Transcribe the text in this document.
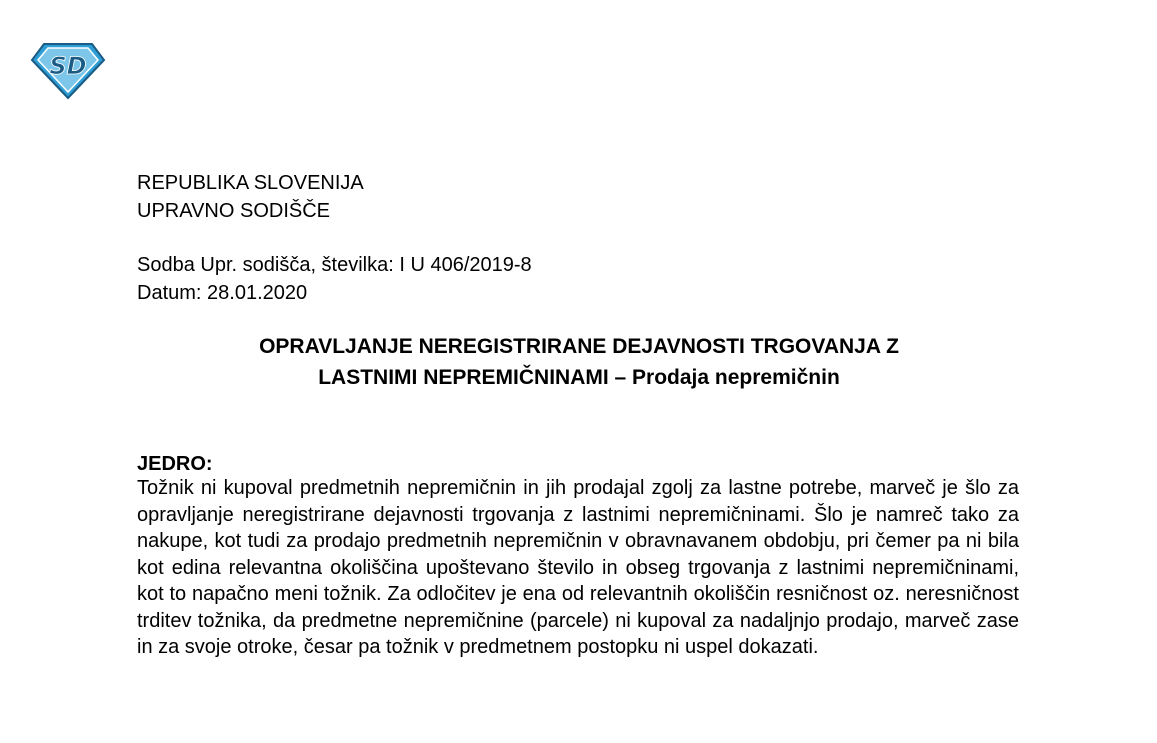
SD
REPUBLIKA SLOVENIJA
UPRAVNO SODIŠČE
Sodba Upr. sodišča, številka: I U 406/2019-8
Datum: 28.01.2020
OPRAVLJANJE NEREGISTRIRANE DEJAVNOSTI TRGOVANJA Z
LASTNIMI NEPREMIČNINAMI – Prodaja nepremičnin
JEDRO:
Tožnik ni kupoval predmetnih nepremičnin in jih prodajal zgolj za lastne potrebe, marveč je šlo za opravljanje neregistrirane dejavnosti trgovanja z lastnimi nepremičninami. Šlo je namreč tako za nakupe, kot tudi za prodajo predmetnih nepremičnin v obravnavanem obdobju, pri čemer pa ni bila kot edina relevantna okoliščina upoštevano število in obseg trgovanja z lastnimi nepremičninami, kot to napačno meni tožnik. Za odločitev je ena od relevantnih okoliščin resničnost oz. neresničnost trditev tožnika, da predmetne nepremičnine (parcele) ni kupoval za nadaljnjo prodajo, marveč zase in za svoje otroke, česar pa tožnik v predmetnem postopku ni uspel dokazati.
